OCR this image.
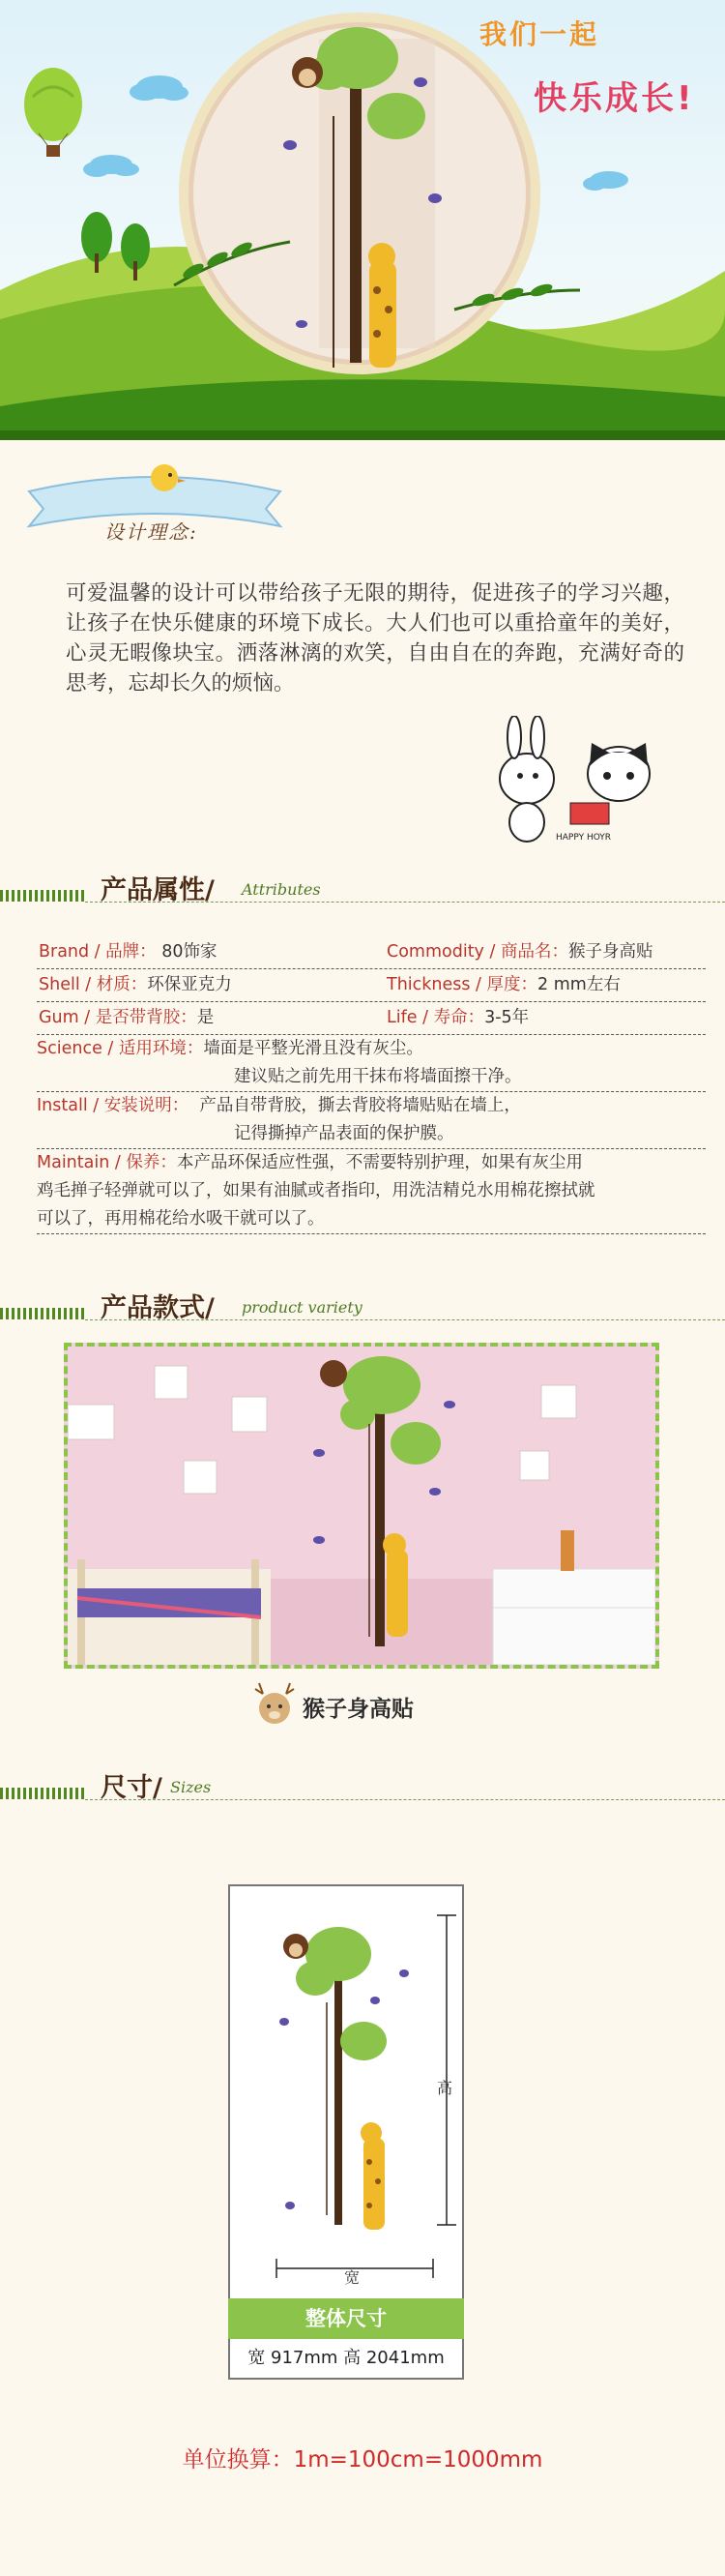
我们一起
快乐成长!
设计理念:
可爱温馨的设计可以带给孩子无限的期待，促进孩子的学习兴趣，让孩子在快乐健康的环境下成长。大人们也可以重拾童年的美好，心灵无暇像块宝。洒落淋漓的欢笑，自由自在的奔跑，充满好奇的思考，忘却长久的烦恼。
HAPPY HOYR
产品属性/ Attributes
Brand / 品牌： 80饰家	Commodity / 商品名：猴子身高贴
Shell / 材质：环保亚克力	Thickness / 厚度：2 mm左右
Gum / 是否带背胶：是	Life / 寿命：3-5年
Science / 适用环境：墙面是平整光滑且没有灰尘。
建议贴之前先用干抹布将墙面擦干净。
Install / 安装说明： 产品自带背胶，撕去背胶将墙贴贴在墙上，
记得撕掉产品表面的保护膜。
Maintain / 保养：本产品环保适应性强，不需要特别护理，如果有灰尘用
鸡毛掸子轻弹就可以了，如果有油腻或者指印，用洗洁精兑水用棉花擦拭就
可以了，再用棉花给水吸干就可以了。
产品款式/ product variety
猴子身高贴
尺寸/ Sizes
宽
高
整体尺寸
宽 917mm 高 2041mm
单位换算：1m=100cm=1000mm
